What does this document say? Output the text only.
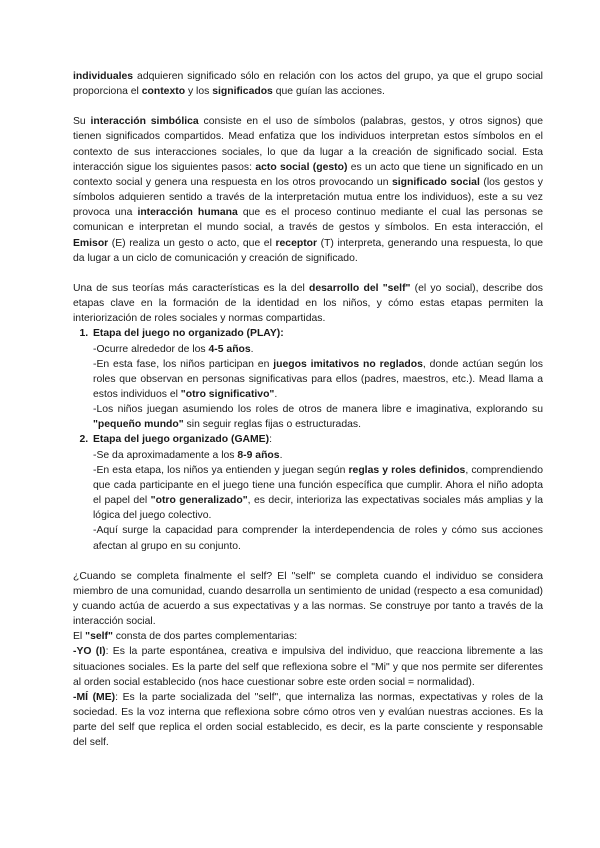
individuales adquieren significado sólo en relación con los actos del grupo, ya que el grupo social proporciona el contexto y los significados que guían las acciones.

Su interacción simbólica consiste en el uso de símbolos (palabras, gestos, y otros signos) que tienen significados compartidos. Mead enfatiza que los individuos interpretan estos símbolos en el contexto de sus interacciones sociales, lo que da lugar a la creación de significado social. Esta interacción sigue los siguientes pasos: acto social (gesto) es un acto que tiene un significado en un contexto social y genera una respuesta en los otros provocando un significado social (los gestos y símbolos adquieren sentido a través de la interpretación mutua entre los individuos), este a su vez provoca una interacción humana que es el proceso continuo mediante el cual las personas se comunican e interpretan el mundo social, a través de gestos y símbolos. En esta interacción, el Emisor (E) realiza un gesto o acto, que el receptor (T) interpreta, generando una respuesta, lo que da lugar a un ciclo de comunicación y creación de significado.

Una de sus teorías más características es la del desarrollo del "self" (el yo social), describe dos etapas clave en la formación de la identidad en los niños, y cómo estas etapas permiten la interiorización de roles sociales y normas compartidas.

1. Etapa del juego no organizado (PLAY):

-Ocurre alrededor de los 4-5 años.

-En esta fase, los niños participan en juegos imitativos no reglados, donde actúan según los roles que observan en personas significativas para ellos (padres, maestros, etc.). Mead llama a estos individuos el "otro significativo".

-Los niños juegan asumiendo los roles de otros de manera libre e imaginativa, explorando su "pequeño mundo" sin seguir reglas fijas o estructuradas.

2. Etapa del juego organizado (GAME):

-Se da aproximadamente a los 8-9 años.

-En esta etapa, los niños ya entienden y juegan según reglas y roles definidos, comprendiendo que cada participante en el juego tiene una función específica que cumplir. Ahora el niño adopta el papel del "otro generalizado", es decir, interioriza las expectativas sociales más amplias y la lógica del juego colectivo.

-Aquí surge la capacidad para comprender la interdependencia de roles y cómo sus acciones afectan al grupo en su conjunto.

¿Cuando se completa finalmente el self? El "self" se completa cuando el individuo se considera miembro de una comunidad, cuando desarrolla un sentimiento de unidad (respecto a esa comunidad) y cuando actúa de acuerdo a sus expectativas y a las normas. Se construye por tanto a través de la interacción social.

El "self" consta de dos partes complementarias:

-YO (I): Es la parte espontánea, creativa e impulsiva del individuo, que reacciona libremente a las situaciones sociales. Es la parte del self que reflexiona sobre el "Mi" y que nos permite ser diferentes al orden social establecido (nos hace cuestionar sobre este orden social = normalidad).

-MÍ (ME): Es la parte socializada del "self", que internaliza las normas, expectativas y roles de la sociedad. Es la voz interna que reflexiona sobre cómo otros ven y evalúan nuestras acciones. Es la parte del self que replica el orden social establecido, es decir, es la parte consciente y responsable del self.
